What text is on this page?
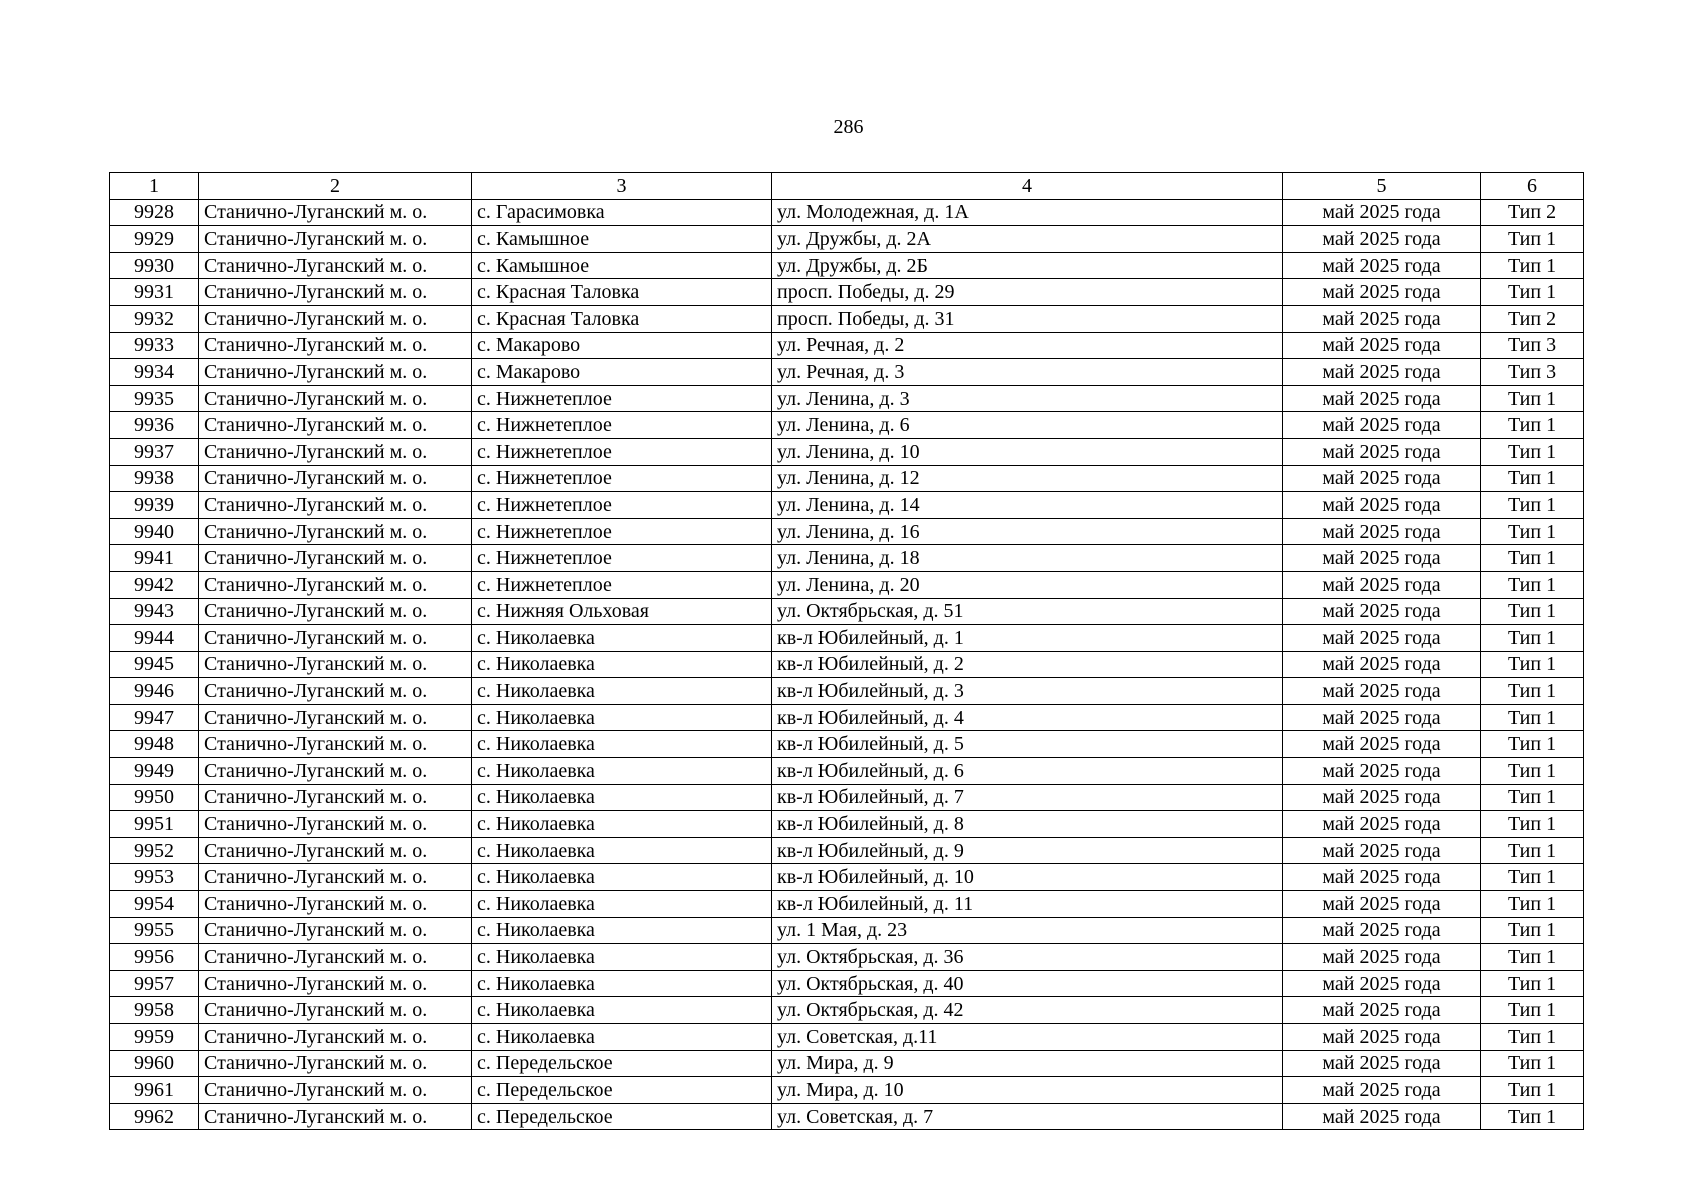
286
1	2	3	4	5	6
9928	Станично-Луганский м. о.	с. Гарасимовка	ул. Молодежная, д. 1А	май 2025 года	Тип 2
9929	Станично-Луганский м. о.	с. Камышное	ул. Дружбы, д. 2А	май 2025 года	Тип 1
9930	Станично-Луганский м. о.	с. Камышное	ул. Дружбы, д. 2Б	май 2025 года	Тип 1
9931	Станично-Луганский м. о.	с. Красная Таловка	просп. Победы, д. 29	май 2025 года	Тип 1
9932	Станично-Луганский м. о.	с. Красная Таловка	просп. Победы, д. 31	май 2025 года	Тип 2
9933	Станично-Луганский м. о.	с. Макарово	ул. Речная, д. 2	май 2025 года	Тип 3
9934	Станично-Луганский м. о.	с. Макарово	ул. Речная, д. 3	май 2025 года	Тип 3
9935	Станично-Луганский м. о.	с. Нижнетеплое	ул. Ленина, д. 3	май 2025 года	Тип 1
9936	Станично-Луганский м. о.	с. Нижнетеплое	ул. Ленина, д. 6	май 2025 года	Тип 1
9937	Станично-Луганский м. о.	с. Нижнетеплое	ул. Ленина, д. 10	май 2025 года	Тип 1
9938	Станично-Луганский м. о.	с. Нижнетеплое	ул. Ленина, д. 12	май 2025 года	Тип 1
9939	Станично-Луганский м. о.	с. Нижнетеплое	ул. Ленина, д. 14	май 2025 года	Тип 1
9940	Станично-Луганский м. о.	с. Нижнетеплое	ул. Ленина, д. 16	май 2025 года	Тип 1
9941	Станично-Луганский м. о.	с. Нижнетеплое	ул. Ленина, д. 18	май 2025 года	Тип 1
9942	Станично-Луганский м. о.	с. Нижнетеплое	ул. Ленина, д. 20	май 2025 года	Тип 1
9943	Станично-Луганский м. о.	с. Нижняя Ольховая	ул. Октябрьская, д. 51	май 2025 года	Тип 1
9944	Станично-Луганский м. о.	с. Николаевка	кв-л Юбилейный, д. 1	май 2025 года	Тип 1
9945	Станично-Луганский м. о.	с. Николаевка	кв-л Юбилейный, д. 2	май 2025 года	Тип 1
9946	Станично-Луганский м. о.	с. Николаевка	кв-л Юбилейный, д. 3	май 2025 года	Тип 1
9947	Станично-Луганский м. о.	с. Николаевка	кв-л Юбилейный, д. 4	май 2025 года	Тип 1
9948	Станично-Луганский м. о.	с. Николаевка	кв-л Юбилейный, д. 5	май 2025 года	Тип 1
9949	Станично-Луганский м. о.	с. Николаевка	кв-л Юбилейный, д. 6	май 2025 года	Тип 1
9950	Станично-Луганский м. о.	с. Николаевка	кв-л Юбилейный, д. 7	май 2025 года	Тип 1
9951	Станично-Луганский м. о.	с. Николаевка	кв-л Юбилейный, д. 8	май 2025 года	Тип 1
9952	Станично-Луганский м. о.	с. Николаевка	кв-л Юбилейный, д. 9	май 2025 года	Тип 1
9953	Станично-Луганский м. о.	с. Николаевка	кв-л Юбилейный, д. 10	май 2025 года	Тип 1
9954	Станично-Луганский м. о.	с. Николаевка	кв-л Юбилейный, д. 11	май 2025 года	Тип 1
9955	Станично-Луганский м. о.	с. Николаевка	ул. 1 Мая, д. 23	май 2025 года	Тип 1
9956	Станично-Луганский м. о.	с. Николаевка	ул. Октябрьская, д. 36	май 2025 года	Тип 1
9957	Станично-Луганский м. о.	с. Николаевка	ул. Октябрьская, д. 40	май 2025 года	Тип 1
9958	Станично-Луганский м. о.	с. Николаевка	ул. Октябрьская, д. 42	май 2025 года	Тип 1
9959	Станично-Луганский м. о.	с. Николаевка	ул. Советская, д.11	май 2025 года	Тип 1
9960	Станично-Луганский м. о.	с. Передельское	ул. Мира, д. 9	май 2025 года	Тип 1
9961	Станично-Луганский м. о.	с. Передельское	ул. Мира, д. 10	май 2025 года	Тип 1
9962	Станично-Луганский м. о.	с. Передельское	ул. Советская, д. 7	май 2025 года	Тип 1
